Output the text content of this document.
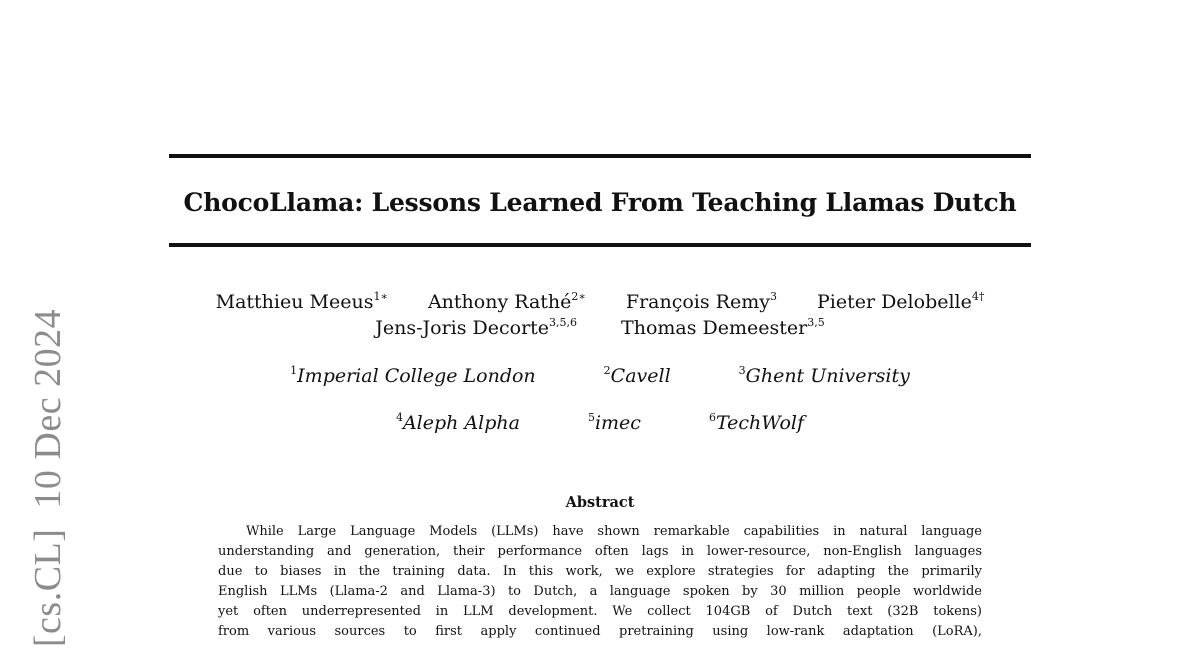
[cs.CL]10 Dec 2024
ChocoLlama: Lessons Learned From Teaching Llamas Dutch
Matthieu Meeus$^{1∗}$ Anthony Rathé$^{2∗}$ François Remy$^3$ Pieter Delobelle$^{4\dagger}$
Jens-Joris Decorte$^{3,5,6}$ Thomas Demeester$^{3,5}$
$^1$Imperial College London	$^2$Cavell	$^3$Ghent University
$^4$Aleph Alpha	$^5$imec	$^6$TechWolf
Abstract
While Large Language Models (LLMs) have shown remarkable capabilities in natural language
understanding and generation, their performance often lags in lower-resource, non-English languages
due to biases in the training data. In this work, we explore strategies for adapting the primarily
English LLMs (Llama-2 and Llama-3) to Dutch, a language spoken by 30 million people worldwide
yet often underrepresented in LLM development. We collect 104GB of Dutch text (32B tokens)
from various sources to first apply continued pretraining using low-rank adaptation (LoRA),
